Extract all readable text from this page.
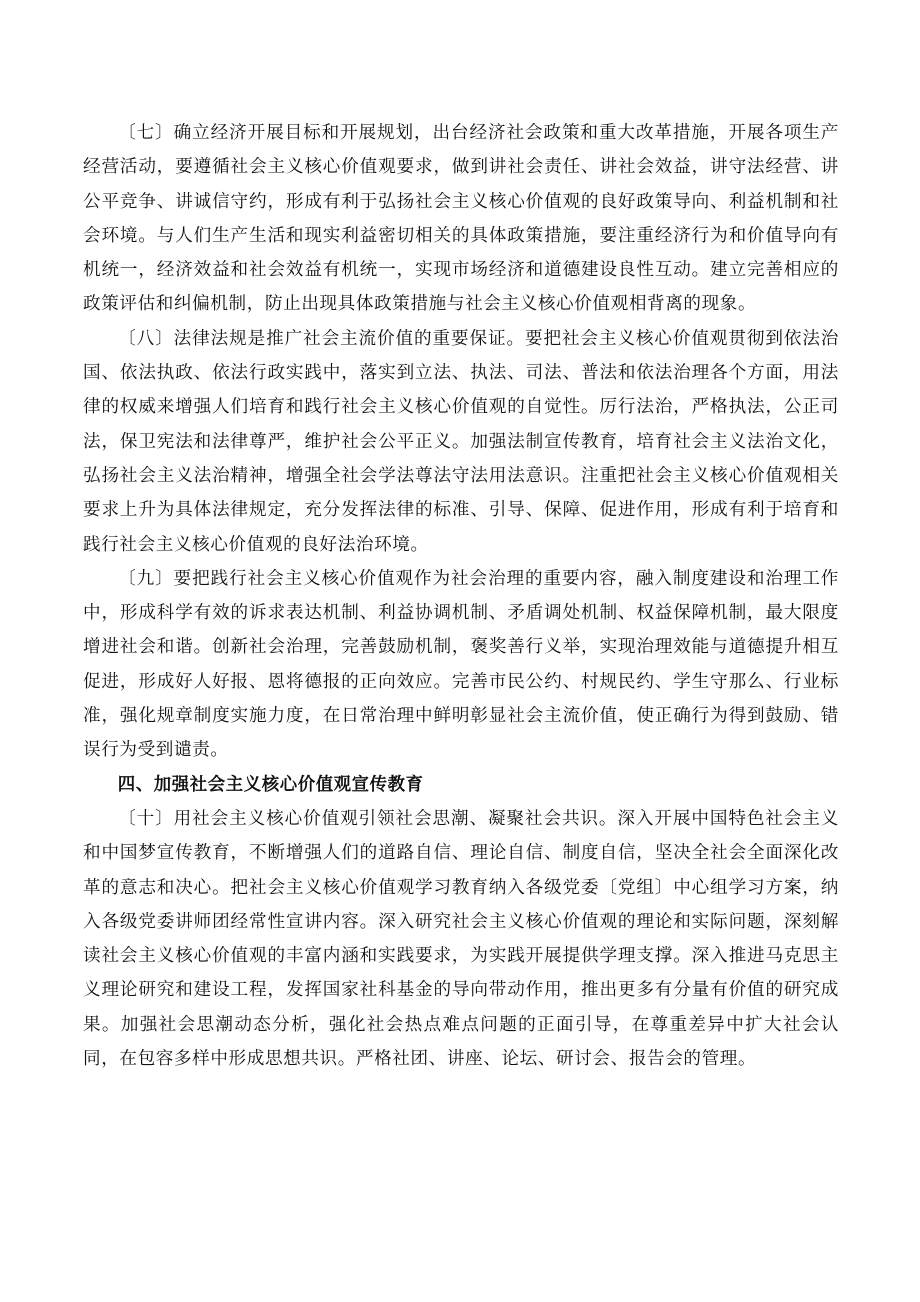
〔七〕确立经济开展目标和开展规划，出台经济社会政策和重大改革措施，开展各项生产经营活动，要遵循社会主义核心价值观要求，做到讲社会责任、讲社会效益，讲守法经营、讲公平竞争、讲诚信守约，形成有利于弘扬社会主义核心价值观的良好政策导向、利益机制和社会环境。与人们生产生活和现实利益密切相关的具体政策措施，要注重经济行为和价值导向有机统一，经济效益和社会效益有机统一，实现市场经济和道德建设良性互动。建立完善相应的政策评估和纠偏机制，防止出现具体政策措施与社会主义核心价值观相背离的现象。

〔八〕法律法规是推广社会主流价值的重要保证。要把社会主义核心价值观贯彻到依法治国、依法执政、依法行政实践中，落实到立法、执法、司法、普法和依法治理各个方面，用法律的权威来增强人们培育和践行社会主义核心价值观的自觉性。厉行法治，严格执法，公正司法，保卫宪法和法律尊严，维护社会公平正义。加强法制宣传教育，培育社会主义法治文化，弘扬社会主义法治精神，增强全社会学法尊法守法用法意识。注重把社会主义核心价值观相关要求上升为具体法律规定，充分发挥法律的标准、引导、保障、促进作用，形成有利于培育和践行社会主义核心价值观的良好法治环境。

〔九〕要把践行社会主义核心价值观作为社会治理的重要内容，融入制度建设和治理工作中，形成科学有效的诉求表达机制、利益协调机制、矛盾调处机制、权益保障机制，最大限度增进社会和谐。创新社会治理，完善鼓励机制，褒奖善行义举，实现治理效能与道德提升相互促进，形成好人好报、恩将德报的正向效应。完善市民公约、村规民约、学生守那么、行业标准，强化规章制度实施力度，在日常治理中鲜明彰显社会主流价值，使正确行为得到鼓励、错误行为受到谴责。

四、加强社会主义核心价值观宣传教育

〔十〕用社会主义核心价值观引领社会思潮、凝聚社会共识。深入开展中国特色社会主义和中国梦宣传教育，不断增强人们的道路自信、理论自信、制度自信，坚决全社会全面深化改革的意志和决心。把社会主义核心价值观学习教育纳入各级党委〔党组〕中心组学习方案，纳入各级党委讲师团经常性宣讲内容。深入研究社会主义核心价值观的理论和实际问题，深刻解读社会主义核心价值观的丰富内涵和实践要求，为实践开展提供学理支撑。深入推进马克思主义理论研究和建设工程，发挥国家社科基金的导向带动作用，推出更多有分量有价值的研究成果。加强社会思潮动态分析，强化社会热点难点问题的正面引导，在尊重差异中扩大社会认同，在包容多样中形成思想共识。严格社团、讲座、论坛、研讨会、报告会的管理。
